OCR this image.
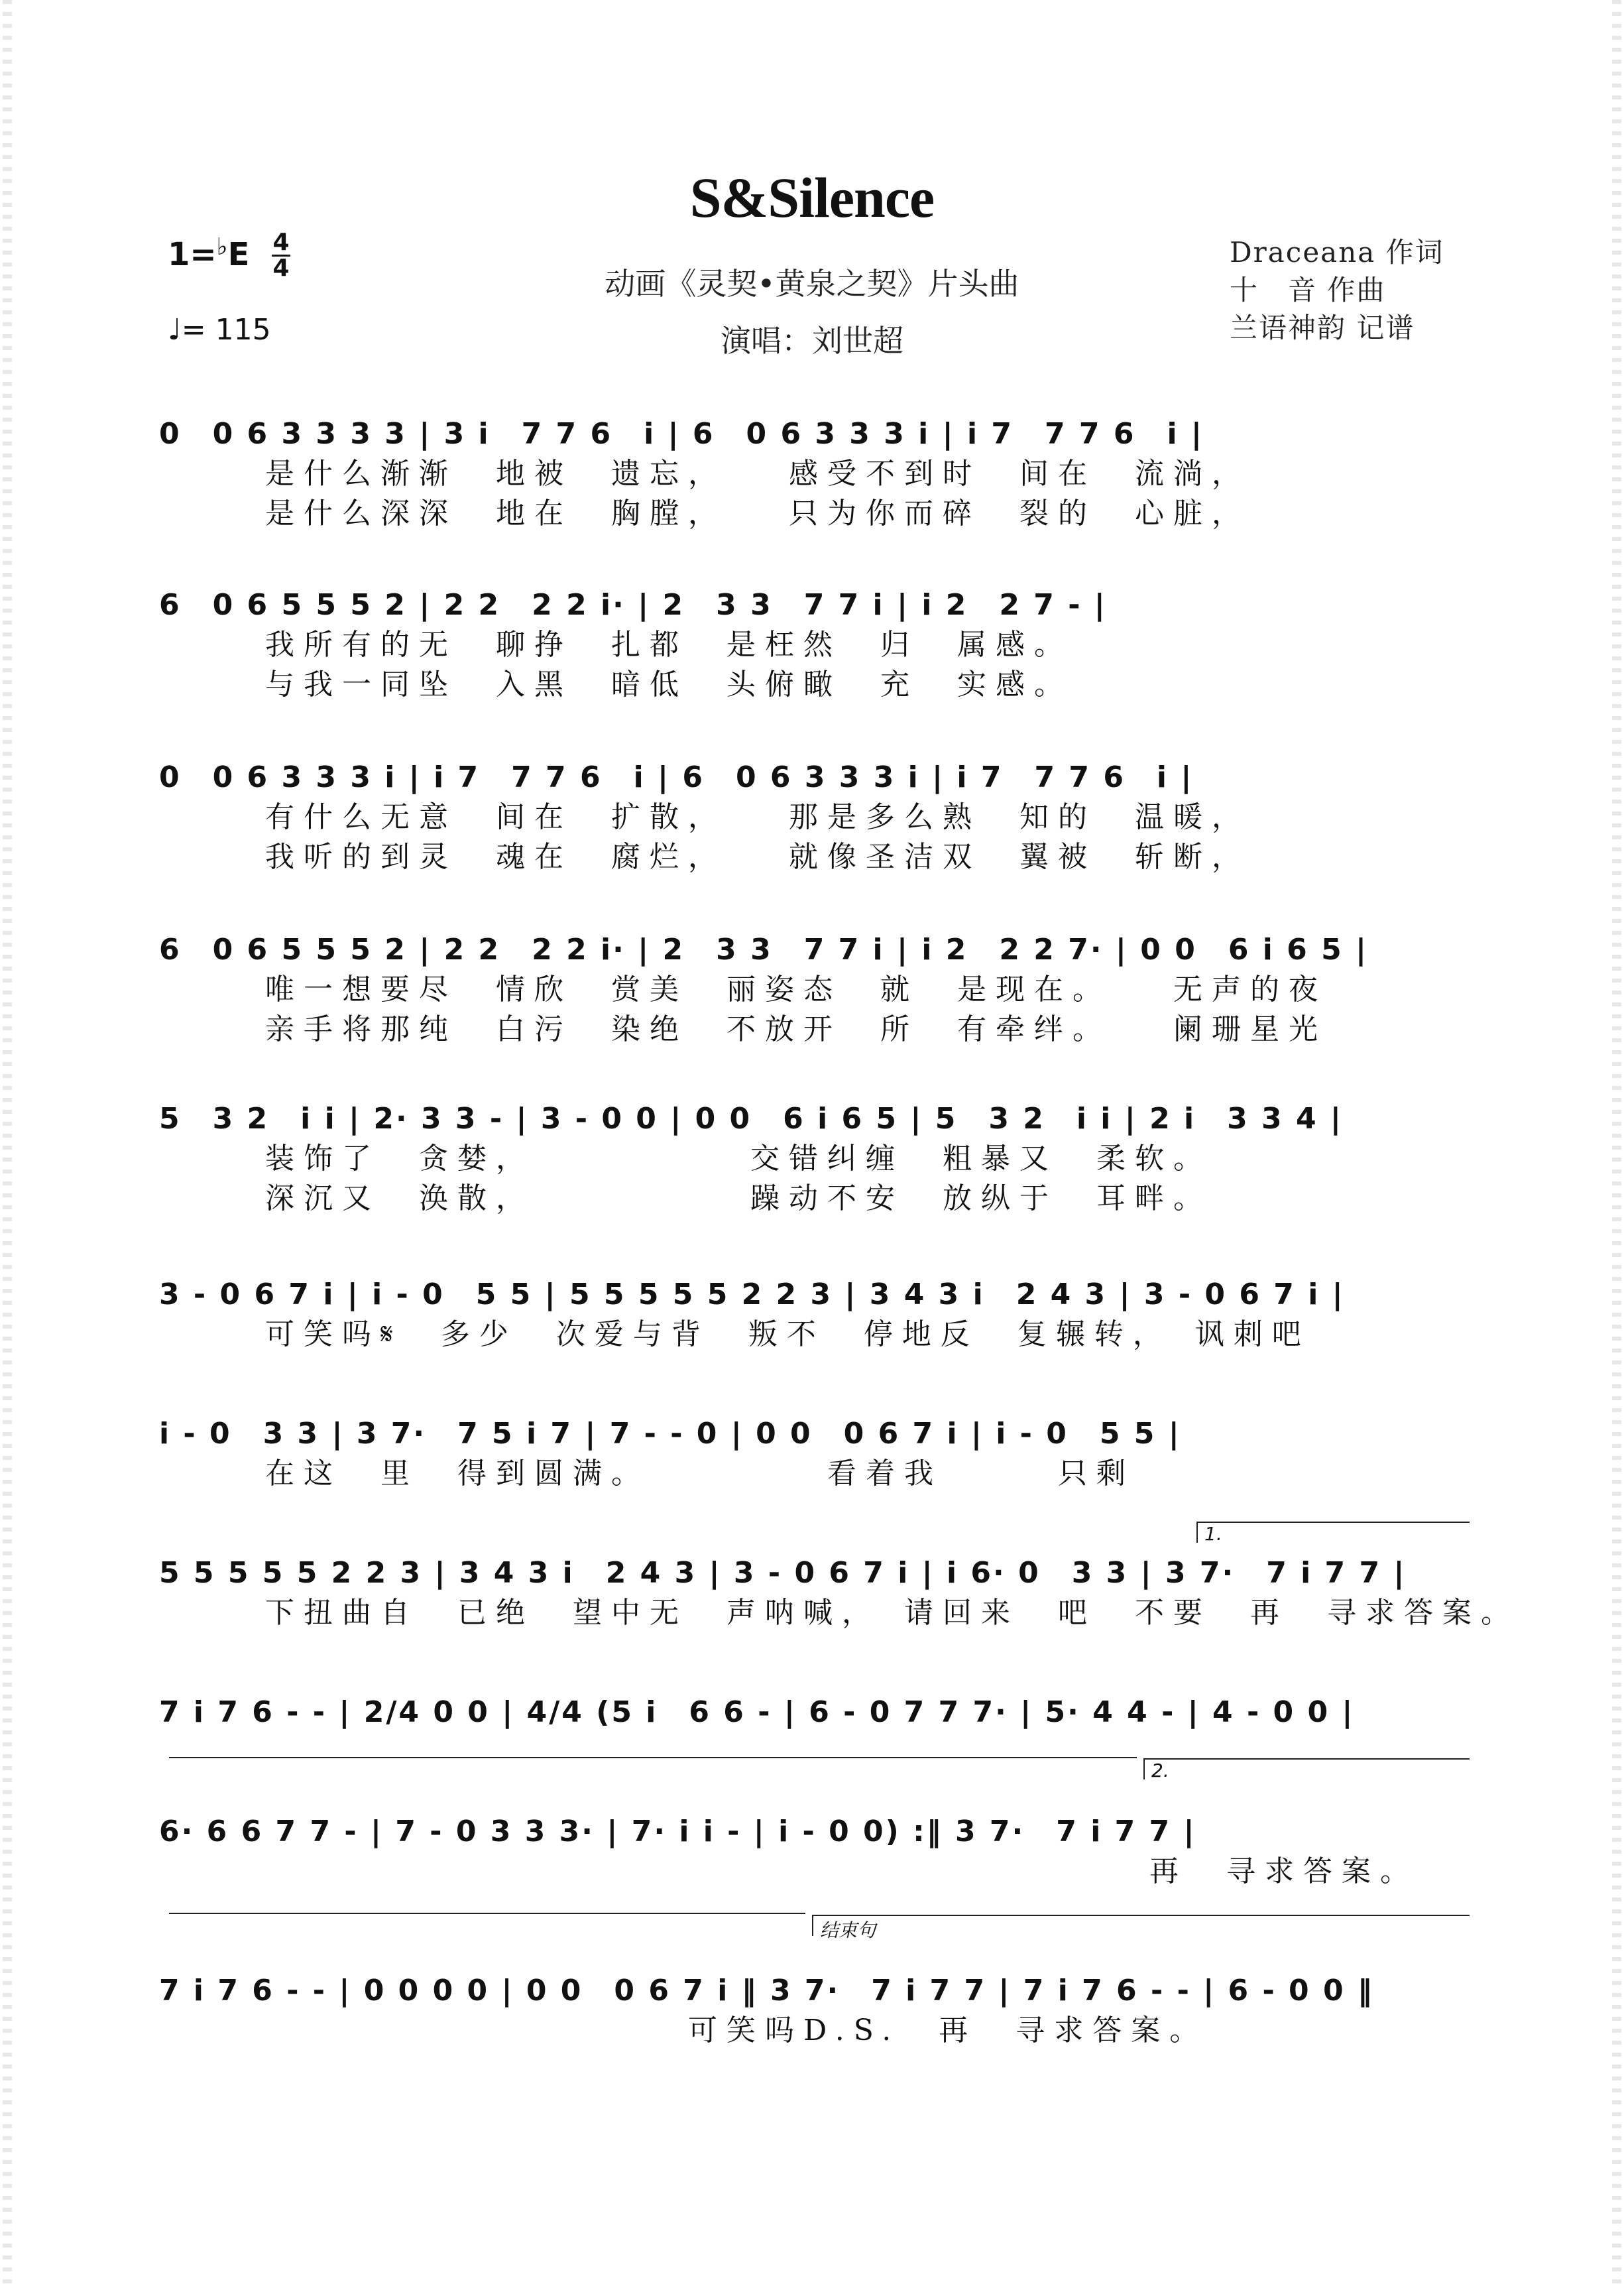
S&Silence
1=♭E 4
4
♩= 115
动画《灵契•黄泉之契》片头曲
演唱：刘世超
Draceana 作词
十　音 作曲
兰语神韵 记谱
0　0 6 3 3 3 3 | 3 i　7 7 6　i | 6　0 6 3 3 3 i | i 7　7 7 6　i |
是什么渐渐　地被　遗忘，　　感受不到时　间在　流淌，
是什么深深　地在　胸膛，　　只为你而碎　裂的　心脏，
6　0 6 5 5 5 2 | 2 2　2 2 i· | 2　3 3　7 7 i | i 2　2 7 - |
我所有的无　聊挣　扎都　是枉然　归　属感。
与我一同坠　入黑　暗低　头俯瞰　充　实感。
0　0 6 3 3 3 i | i 7　7 7 6　i | 6　0 6 3 3 3 i | i 7　7 7 6　i |
有什么无意　间在　扩散，　　那是多么熟　知的　温暖，
我听的到灵　魂在　腐烂，　　就像圣洁双　翼被　斩断，
6　0 6 5 5 5 2 | 2 2　2 2 i· | 2　3 3　7 7 i | i 2　2 2 7· | 0 0　6 i 6 5 |
唯一想要尽　情欣　赏美　丽姿态　就　是现在。　　无声的夜
亲手将那纯　白污　染绝　不放开　所　有牵绊。　　阑珊星光
5　3 2　i i | 2· 3 3 - | 3 - 0 0 | 0 0　6 i 6 5 | 5　3 2　i i | 2 i　3 3 4 |
装饰了　贪婪，　　　　　　交错纠缠　粗暴又　柔软。
深沉又　涣散，　　　　　　躁动不安　放纵于　耳畔。
3 - 0 6 7 i | i - 0　5 5 | 5 5 5 5 5 2 2 3 | 3 4 3 i　2 4 3 | 3 - 0 6 7 i |
可笑吗𝄋　多少　次爱与背　叛不　停地反　复辗转，　讽刺吧
i - 0　3 3 | 3 7·　7 5 i 7 | 7 - - 0 | 0 0　0 6 7 i | i - 0　5 5 |
在这　里　得到圆满。　　　　　看着我　　　只剩
5 5 5 5 5 2 2 3 | 3 4 3 i　2 4 3 | 3 - 0 6 7 i | i 6· 0　3 3 | 3 7·　7 i 7 7 |
下扭曲自　已绝　望中无　声呐喊，　请回来　吧　不要　再　寻求答案。
7 i 7 6 - - | 2/4 0 0 | 4/4 (5 i　6 6 - | 6 - 0 7 7 7· | 5· 4 4 - | 4 - 0 0 |
6· 6 6 7 7 - | 7 - 0 3 3 3· | 7· i i - | i - 0 0) :‖ 3 7·　7 i 7 7 |
　　　　　　　　　　　　　　　　　　　　　　　再　寻求答案。
7 i 7 6 - - | 0 0 0 0 | 0 0　0 6 7 i ‖ 3 7·　7 i 7 7 | 7 i 7 6 - - | 6 - 0 0 ‖
　　　　　　　　　　　可笑吗D.S.　再　寻求答案。
1.
2.
结束句
